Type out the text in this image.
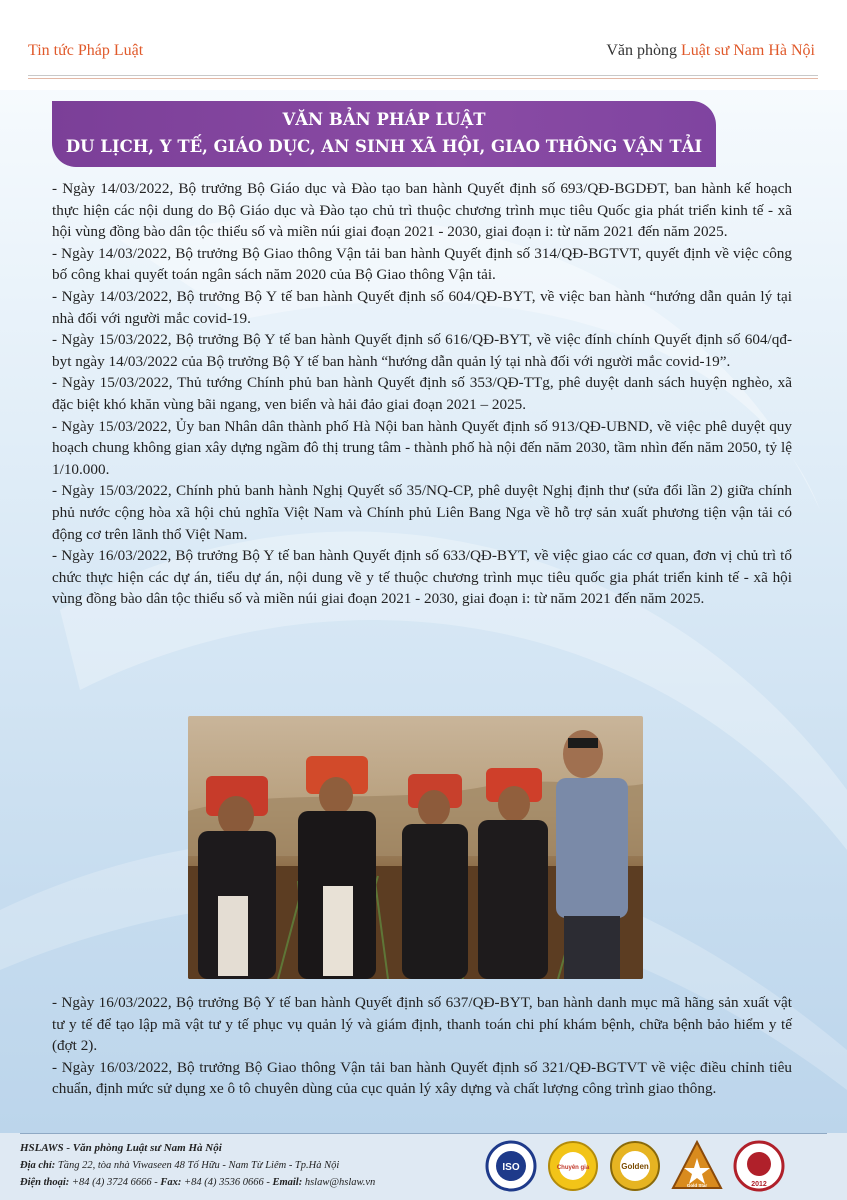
Tin tức Pháp Luật	Văn phòng Luật sư Nam Hà Nội
VĂN BẢN PHÁP LUẬT
DU LỊCH, Y TẾ, GIÁO DỤC, AN SINH XÃ HỘI, GIAO THÔNG VẬN TẢI

- Ngày 14/03/2022, Bộ trưởng Bộ Giáo dục và Đào tạo ban hành Quyết định số 693/QĐ-BGDĐT, ban hành kế hoạch thực hiện các nội dung do Bộ Giáo dục và Đào tạo chủ trì thuộc chương trình mục tiêu Quốc gia phát triển kinh tế - xã hội vùng đồng bào dân tộc thiểu số và miền núi giai đoạn 2021 - 2030, giai đoạn i: từ năm 2021 đến năm 2025.

- Ngày 14/03/2022, Bộ trưởng Bộ Giao thông Vận tải ban hành Quyết định số 314/QĐ-BGTVT, quyết định về việc công bố công khai quyết toán ngân sách năm 2020 của Bộ Giao thông Vận tải.

- Ngày 14/03/2022, Bộ trưởng Bộ Y tế ban hành Quyết định số 604/QĐ-BYT, về việc ban hành “hướng dẫn quản lý tại nhà đối với người mắc covid-19.

- Ngày 15/03/2022, Bộ trưởng Bộ Y tế ban hành Quyết định số 616/QĐ-BYT, về việc đính chính Quyết định số 604/qđ-byt ngày 14/03/2022 của Bộ trưởng Bộ Y tế ban hành “hướng dẫn quản lý tại nhà đối với người mắc covid-19”.

- Ngày 15/03/2022, Thủ tướng Chính phủ ban hành Quyết định số 353/QĐ-TTg, phê duyệt danh sách huyện nghèo, xã đặc biệt khó khăn vùng bãi ngang, ven biển và hải đảo giai đoạn 2021 – 2025.

- Ngày 15/03/2022, Ủy ban Nhân dân thành phố Hà Nội ban hành Quyết định số 913/QĐ-UBND, về việc phê duyệt quy hoạch chung không gian xây dựng ngầm đô thị trung tâm - thành phố hà nội đến năm 2030, tầm nhìn đến năm 2050, tỷ lệ 1/10.000.

- Ngày 15/03/2022, Chính phủ banh hành Nghị Quyết số 35/NQ-CP, phê duyệt Nghị định thư (sửa đổi lần 2) giữa chính phủ nước cộng hòa xã hội chủ nghĩa Việt Nam và Chính phủ Liên Bang Nga về hỗ trợ sản xuất phương tiện vận tải có động cơ trên lãnh thổ Việt Nam.

- Ngày 16/03/2022, Bộ trưởng Bộ Y tế ban hành Quyết định số 633/QĐ-BYT, về việc giao các cơ quan, đơn vị chủ trì tổ chức thực hiện các dự án, tiểu dự án, nội dung về y tế thuộc chương trình mục tiêu quốc gia phát triển kinh tế - xã hội vùng đồng bào dân tộc thiểu số và miền núi giai đoạn 2021 - 2030, giai đoạn i: từ năm 2021 đến năm 2025.

- Ngày 16/03/2022, Bộ trưởng Bộ Y tế ban hành Quyết định số 637/QĐ-BYT, ban hành danh mục mã hãng sản xuất vật tư y tế để tạo lập mã vật tư y tế phục vụ quản lý và giám định, thanh toán chi phí khám bệnh, chữa bệnh bảo hiểm y tế (đợt 2).

- Ngày 16/03/2022, Bộ trưởng Bộ Giao thông Vận tải ban hành Quyết định số 321/QĐ-BGTVT về việc điều chỉnh tiêu chuẩn, định mức sử dụng xe ô tô chuyên dùng của cục quản lý xây dựng và chất lượng công trình giao thông.

HSLAWS - Văn phòng Luật sư Nam Hà Nội
Địa chỉ: Tầng 22, tòa nhà Viwaseen 48 Tố Hữu - Nam Từ Liêm - Tp.Hà Nội
Điện thoại: +84 (4) 3724 6666 - Fax: +84 (4) 3536 0666 - Email: hslaw@hslaw.vn
ISO	Chuyên gia	Golden
Gold Star	2012
